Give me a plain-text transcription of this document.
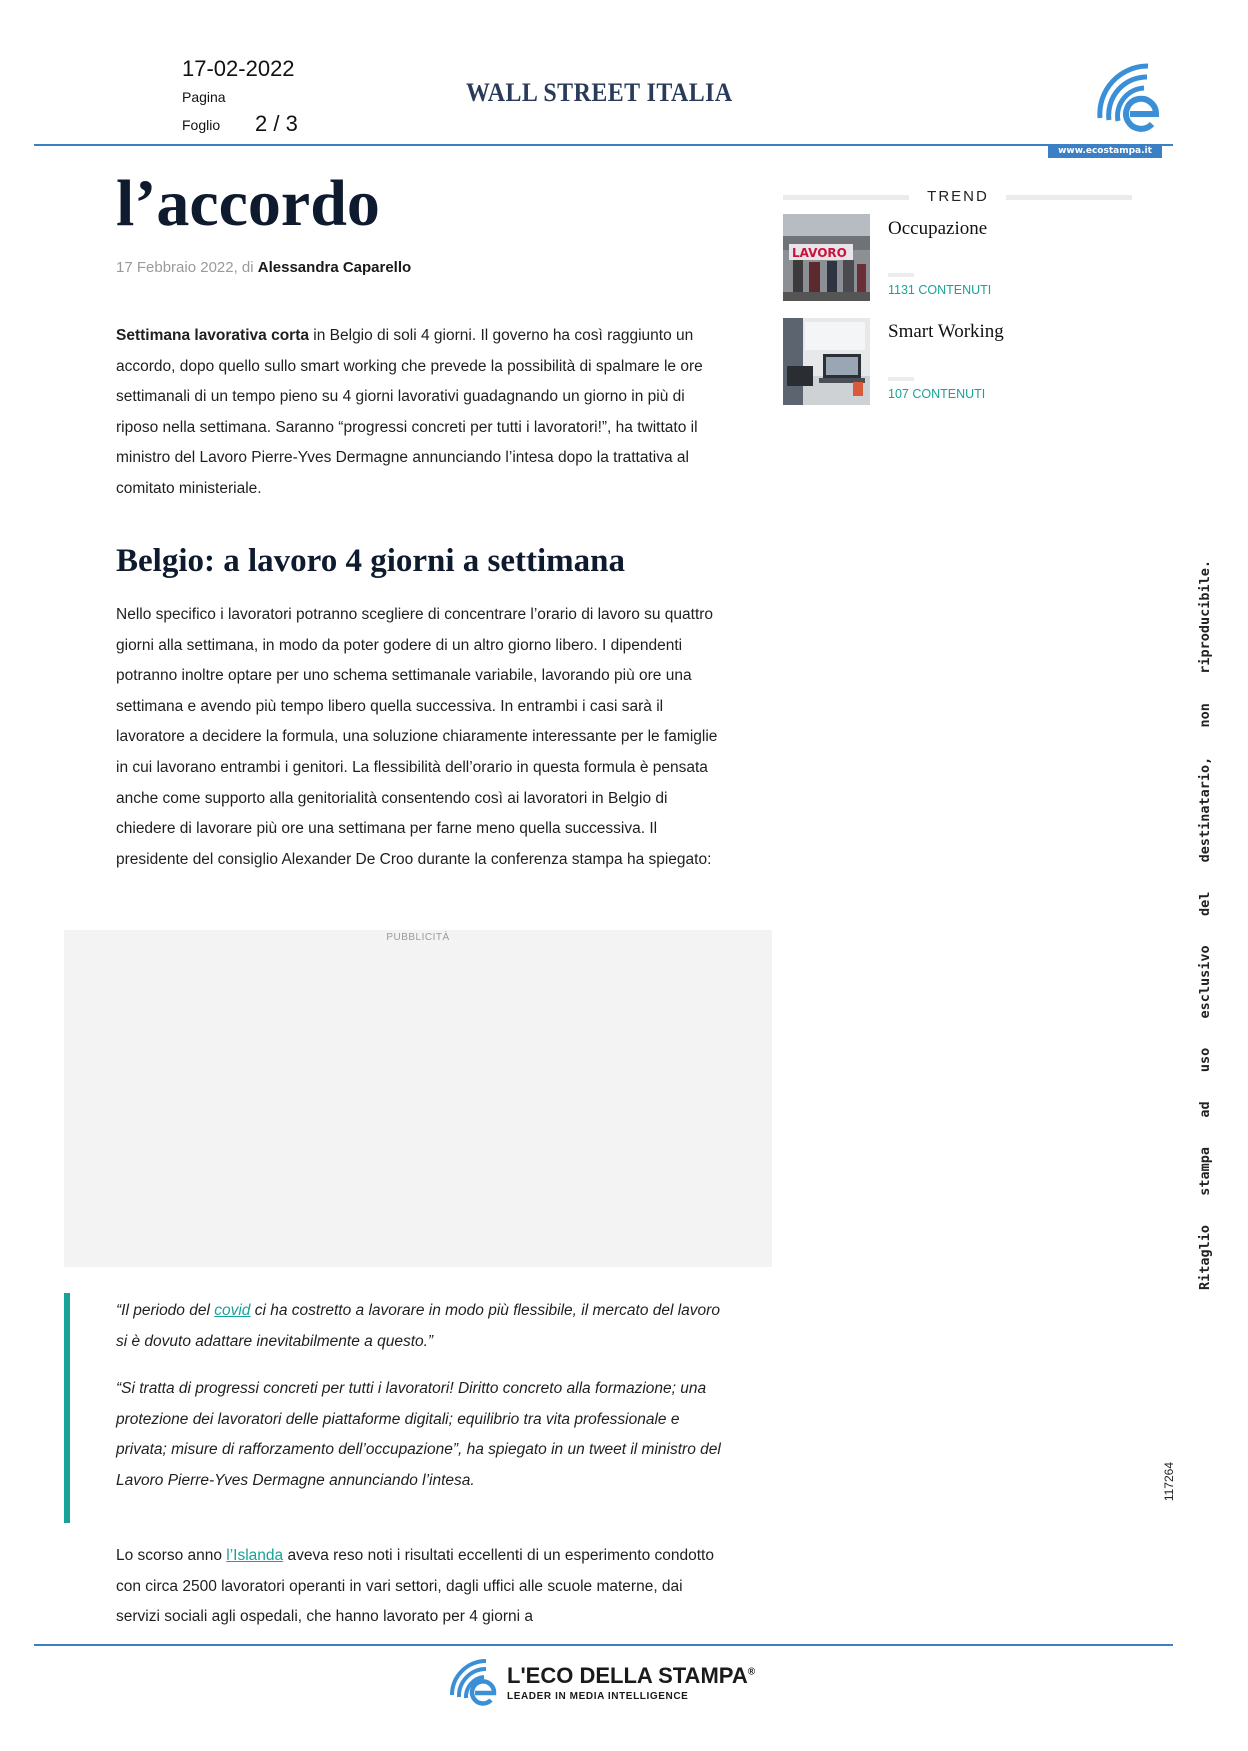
17-02-2022
Pagina
Foglio 2 / 3
WALL STREET ITALIA
www.ecostampa.it
l’accordo
17 Febbraio 2022, di Alessandra Caparello

Settimana lavorativa corta in Belgio di soli 4 giorni. Il governo ha così raggiunto un accordo, dopo quello sullo smart working che prevede la possibilità di spalmare le ore settimanali di un tempo pieno su 4 giorni lavorativi guadagnando un giorno in più di riposo nella settimana. Saranno “progressi concreti per tutti i lavoratori!”, ha twittato il ministro del Lavoro Pierre-Yves Dermagne annunciando l’intesa dopo la trattativa al comitato ministeriale.

Belgio: a lavoro 4 giorni a settimana

Nello specifico i lavoratori potranno scegliere di concentrare l’orario di lavoro su quattro giorni alla settimana, in modo da poter godere di un altro giorno libero. I dipendenti potranno inoltre optare per uno schema settimanale variabile, lavorando più ore una settimana e avendo più tempo libero quella successiva. In entrambi i casi sarà il lavoratore a decidere la formula, una soluzione chiaramente interessante per le famiglie in cui lavorano entrambi i genitori. La flessibilità dell’orario in questa formula è pensata anche come supporto alla genitorialità consentendo così ai lavoratori in Belgio di chiedere di lavorare più ore una settimana per farne meno quella successiva. Il presidente del consiglio Alexander De Croo durante la conferenza stampa ha spiegato:

PUBBLICITÀ

“Il periodo del covid ci ha costretto a lavorare in modo più flessibile, il mercato del lavoro si è dovuto adattare inevitabilmente a questo.”

“Si tratta di progressi concreti per tutti i lavoratori! Diritto concreto alla formazione; una protezione dei lavoratori delle piattaforme digitali; equilibrio tra vita professionale e privata; misure di rafforzamento dell’occupazione”, ha spiegato in un tweet il ministro del Lavoro Pierre-Yves Dermagne annunciando l’intesa.

Lo scorso anno l’Islanda aveva reso noti i risultati eccellenti di un esperimento condotto con circa 2500 lavoratori operanti in vari settori, dagli uffici alle scuole materne, dai servizi sociali agli ospedali, che hanno lavorato per 4 giorni a

TREND
LAVORO
Occupazione
1131 CONTENUTI
Smart Working
107 CONTENUTI
Ritaglio stampa ad uso esclusivo del destinatario, non riproducibile.
117264
L'ECO DELLA STAMPA®
LEADER IN MEDIA INTELLIGENCE
